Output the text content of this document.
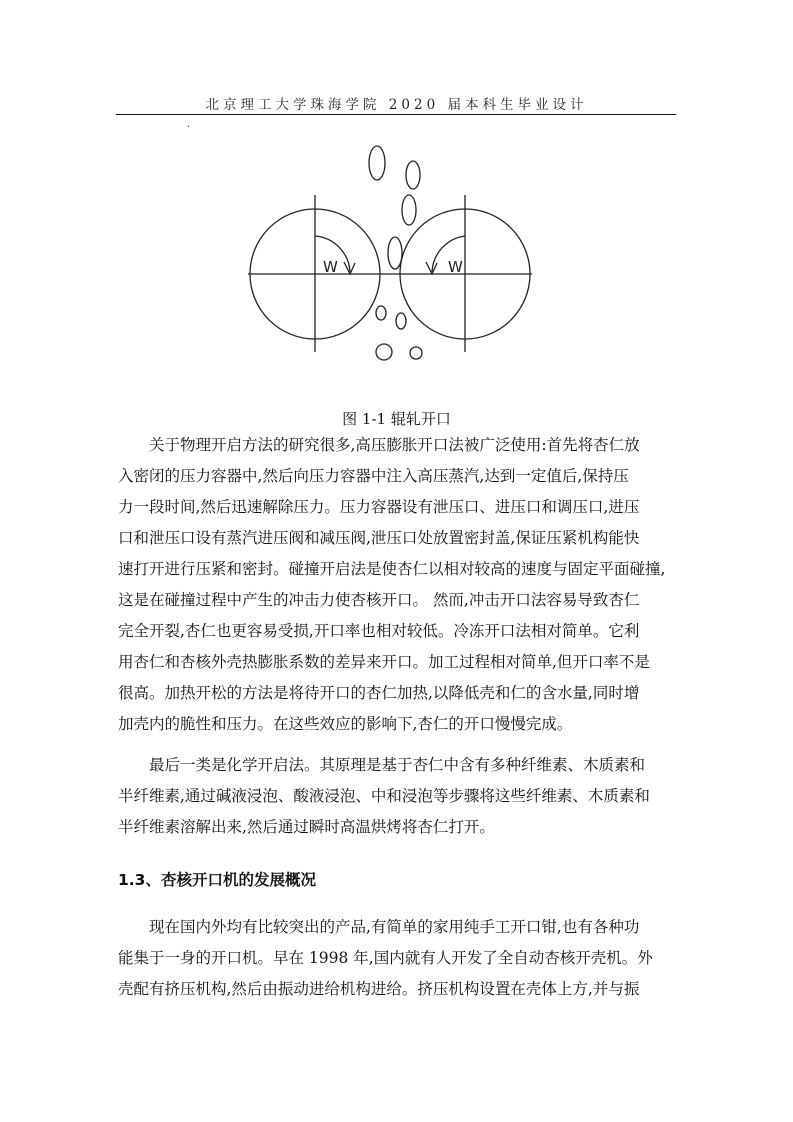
北京理工大学珠海学院 2020 届本科生毕业设计
·
W	W
图 1-1 辊轧开口
关于物理开启方法的研究很多,高压膨胀开口法被广泛使用:首先将杏仁放
入密闭的压力容器中,然后向压力容器中注入高压蒸汽,达到一定值后,保持压
力一段时间,然后迅速解除压力。压力容器设有泄压口、进压口和调压口,进压
口和泄压口设有蒸汽进压阀和减压阀,泄压口处放置密封盖,保证压紧机构能快
速打开进行压紧和密封。碰撞开启法是使杏仁以相对较高的速度与固定平面碰撞,
这是在碰撞过程中产生的冲击力使杏核开口。 然而,冲击开口法容易导致杏仁
完全开裂,杏仁也更容易受损,开口率也相对较低。冷冻开口法相对简单。它利
用杏仁和杏核外壳热膨胀系数的差异来开口。加工过程相对简单,但开口率不是
很高。加热开松的方法是将待开口的杏仁加热,以降低壳和仁的含水量,同时增
加壳内的脆性和压力。在这些效应的影响下,杏仁的开口慢慢完成。
最后一类是化学开启法。其原理是基于杏仁中含有多种纤维素、木质素和
半纤维素,通过碱液浸泡、酸液浸泡、中和浸泡等步骤将这些纤维素、木质素和
半纤维素溶解出来,然后通过瞬时高温烘烤将杏仁打开。
1.3、杏核开口机的发展概况
现在国内外均有比较突出的产品,有简单的家用纯手工开口钳,也有各种功
能集于一身的开口机。早在 1998 年,国内就有人开发了全自动杏核开壳机。外
壳配有挤压机构,然后由振动进给机构进给。挤压机构设置在壳体上方,并与振
